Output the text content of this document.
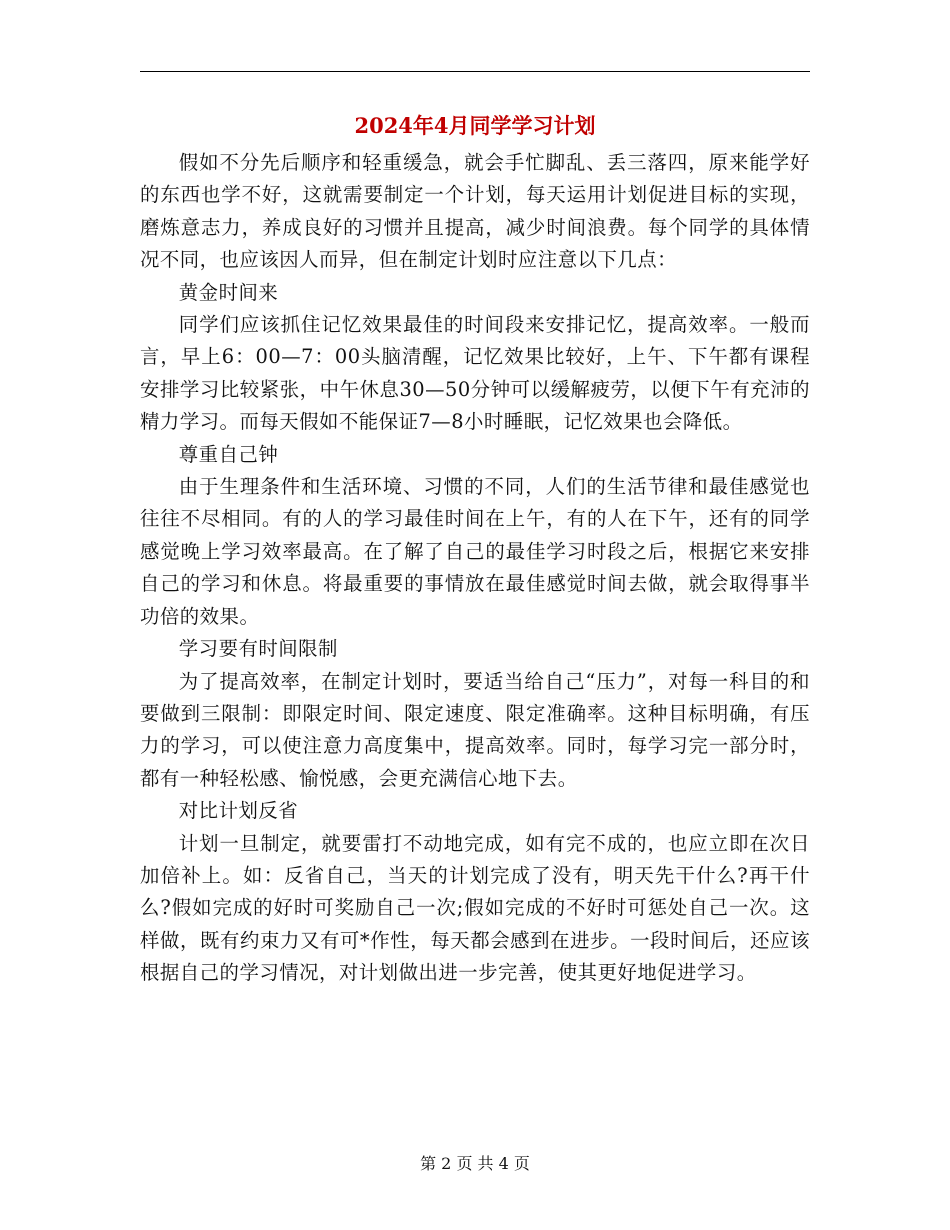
2024年4月同学学习计划

假如不分先后顺序和轻重缓急，就会手忙脚乱、丢三落四，原来能学好的东西也学不好，这就需要制定一个计划，每天运用计划促进目标的实现，磨炼意志力，养成良好的习惯并且提高，减少时间浪费。每个同学的具体情况不同，也应该因人而异，但在制定计划时应注意以下几点：

黄金时间来

同学们应该抓住记忆效果最佳的时间段来安排记忆，提高效率。一般而言，早上6：00—7：00头脑清醒，记忆效果比较好，上午、下午都有课程安排学习比较紧张，中午休息30—50分钟可以缓解疲劳，以便下午有充沛的精力学习。而每天假如不能保证7—8小时睡眠，记忆效果也会降低。

尊重自己钟

由于生理条件和生活环境、习惯的不同，人们的生活节律和最佳感觉也往往不尽相同。有的人的学习最佳时间在上午，有的人在下午，还有的同学感觉晚上学习效率最高。在了解了自己的最佳学习时段之后，根据它来安排自己的学习和休息。将最重要的事情放在最佳感觉时间去做，就会取得事半功倍的效果。

学习要有时间限制

为了提高效率，在制定计划时，要适当给自己“压力”，对每一科目的和要做到三限制：即限定时间、限定速度、限定准确率。这种目标明确，有压力的学习，可以使注意力高度集中，提高效率。同时，每学习完一部分时，都有一种轻松感、愉悦感，会更充满信心地下去。

对比计划反省

计划一旦制定，就要雷打不动地完成，如有完不成的，也应立即在次日加倍补上。如：反省自己，当天的计划完成了没有，明天先干什么?再干什么?假如完成的好时可奖励自己一次;假如完成的不好时可惩处自己一次。这样做，既有约束力又有可*作性，每天都会感到在进步。一段时间后，还应该根据自己的学习情况，对计划做出进一步完善，使其更好地促进学习。

第 2 页 共 4 页
